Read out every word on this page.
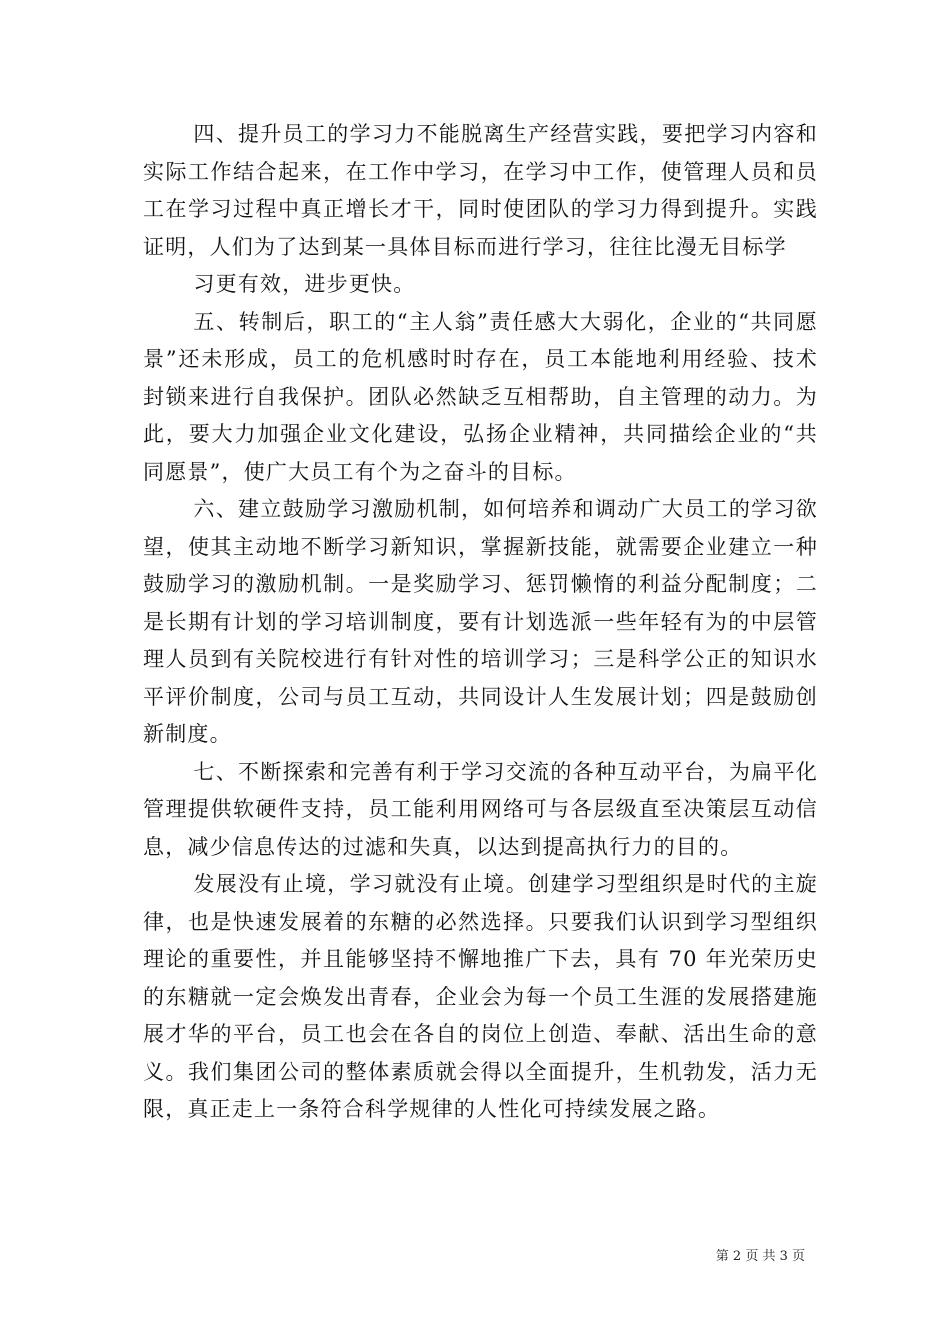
四、提升员工的学习力不能脱离生产经营实践，要把学习内容和实际工作结合起来，在工作中学习，在学习中工作，使管理人员和员工在学习过程中真正增长才干，同时使团队的学习力得到提升。实践证明，人们为了达到某一具体目标而进行学习，往往比漫无目标学

习更有效，进步更快。

五、转制后，职工的“主人翁”责任感大大弱化，企业的“共同愿景”还未形成，员工的危机感时时存在，员工本能地利用经验、技术封锁来进行自我保护。团队必然缺乏互相帮助，自主管理的动力。为此，要大力加强企业文化建设，弘扬企业精神，共同描绘企业的“共同愿景”，使广大员工有个为之奋斗的目标。

六、建立鼓励学习激励机制，如何培养和调动广大员工的学习欲望，使其主动地不断学习新知识，掌握新技能，就需要企业建立一种鼓励学习的激励机制。一是奖励学习、惩罚懒惰的利益分配制度；二是长期有计划的学习培训制度，要有计划选派一些年轻有为的中层管理人员到有关院校进行有针对性的培训学习；三是科学公正的知识水平评价制度，公司与员工互动，共同设计人生发展计划；四是鼓励创新制度。

七、不断探索和完善有利于学习交流的各种互动平台，为扁平化管理提供软硬件支持，员工能利用网络可与各层级直至决策层互动信息，减少信息传达的过滤和失真，以达到提高执行力的目的。

发展没有止境，学习就没有止境。创建学习型组织是时代的主旋律，也是快速发展着的东糖的必然选择。只要我们认识到学习型组织理论的重要性，并且能够坚持不懈地推广下去，具有 70 年光荣历史的东糖就一定会焕发出青春，企业会为每一个员工生涯的发展搭建施展才华的平台，员工也会在各自的岗位上创造、奉献、活出生命的意义。我们集团公司的整体素质就会得以全面提升，生机勃发，活力无限，真正走上一条符合科学规律的人性化可持续发展之路。

第 2 页 共 3 页
